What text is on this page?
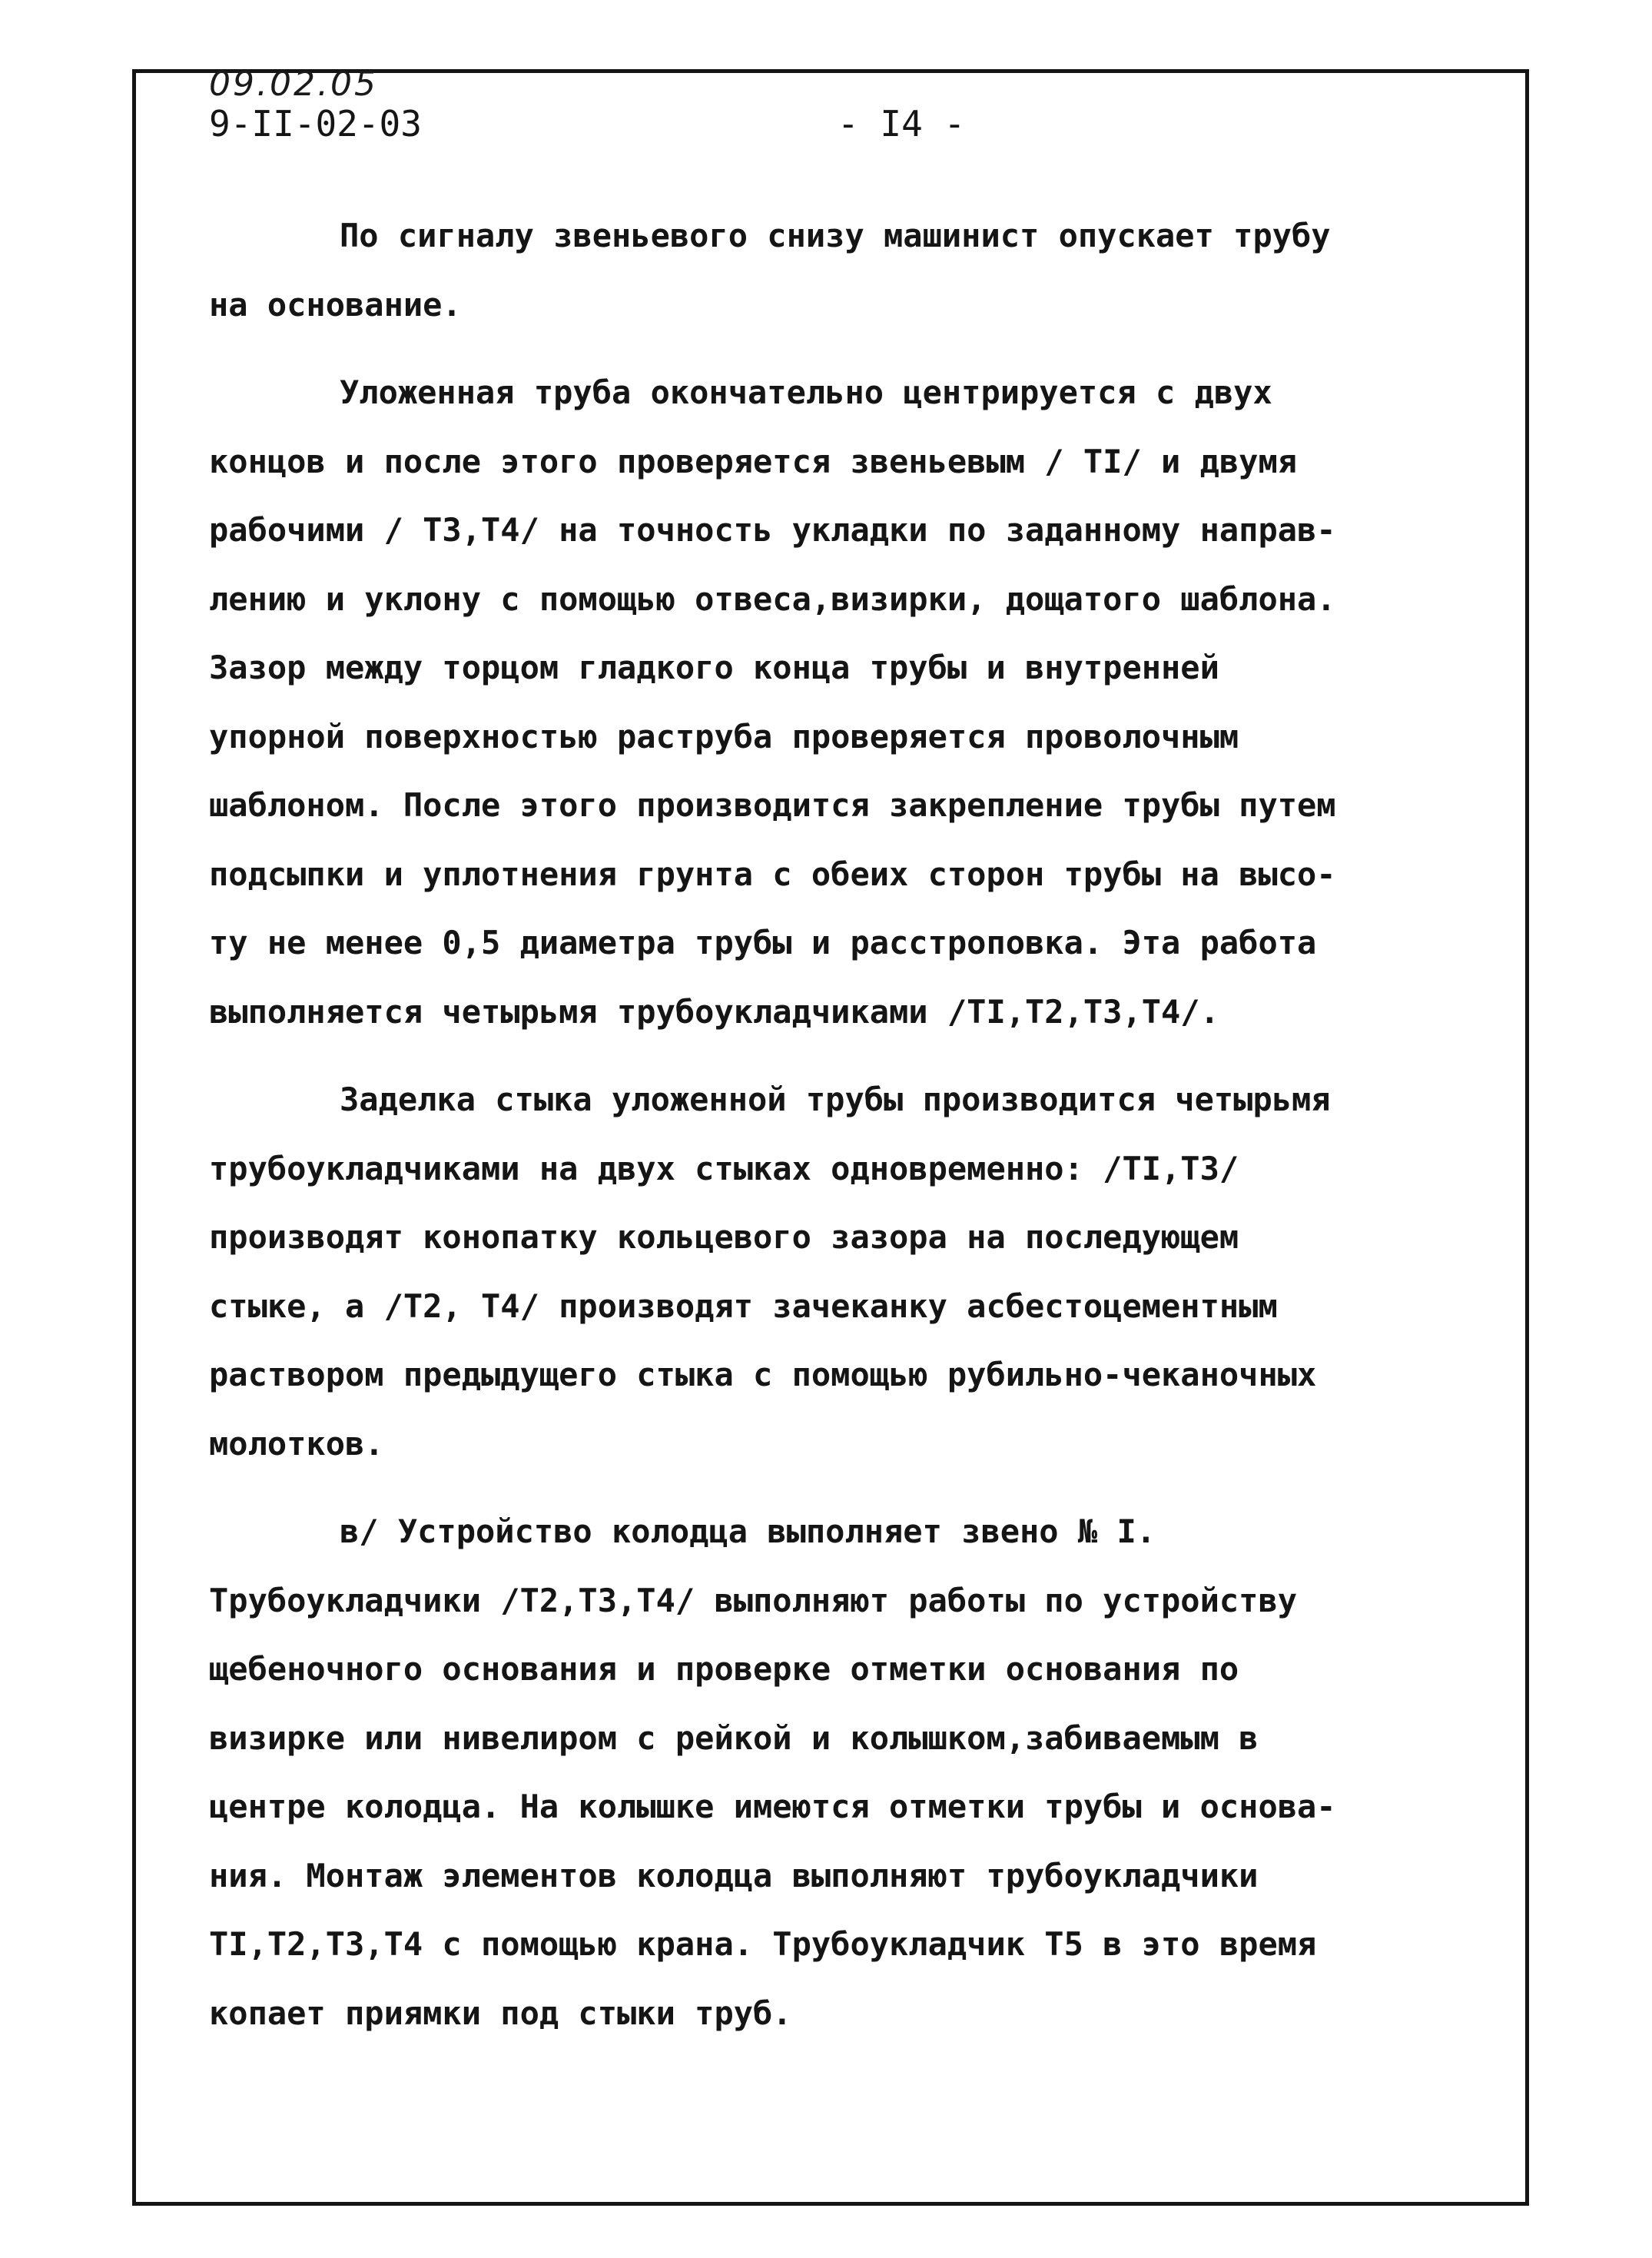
09.02.05
9-II-02-03	- I4 -
По сигналу звеньевого снизу машинист опускает трубу
на основание.
Уложенная труба окончательно центрируется с двух
концов и после этого проверяется звеньевым / TI/ и двумя
рабочими / T3,T4/ на точность укладки по заданному направ-
лению и уклону с помощью отвеса,визирки, дощатого шаблона.
Зазор между торцом гладкого конца трубы и внутренней
упорной поверхностью раструба проверяется проволочным
шаблоном. После этого производится закрепление трубы путем
подсыпки и уплотнения грунта с обеих сторон трубы на высо-
ту не менее 0,5 диаметра трубы и расстроповка. Эта работа
выполняется четырьмя трубоукладчиками /TI,T2,T3,T4/.
Заделка стыка уложенной трубы производится четырьмя
трубоукладчиками на двух стыках одновременно: /TI,T3/
производят конопатку кольцевого зазора на последующем
стыке, а /T2, T4/ производят зачеканку асбестоцементным
раствором предыдущего стыка с помощью рубильно-чеканочных
молотков.
в/ Устройство колодца выполняет звено № I.
Трубоукладчики /T2,T3,T4/ выполняют работы по устройству
щебеночного основания и проверке отметки основания по
визирке или нивелиром с рейкой и колышком,забиваемым в
центре колодца. На колышке имеются отметки трубы и основа-
ния. Монтаж элементов колодца выполняют трубоукладчики
TI,T2,T3,T4 с помощью крана. Трубоукладчик T5 в это время
копает приямки под стыки труб.
